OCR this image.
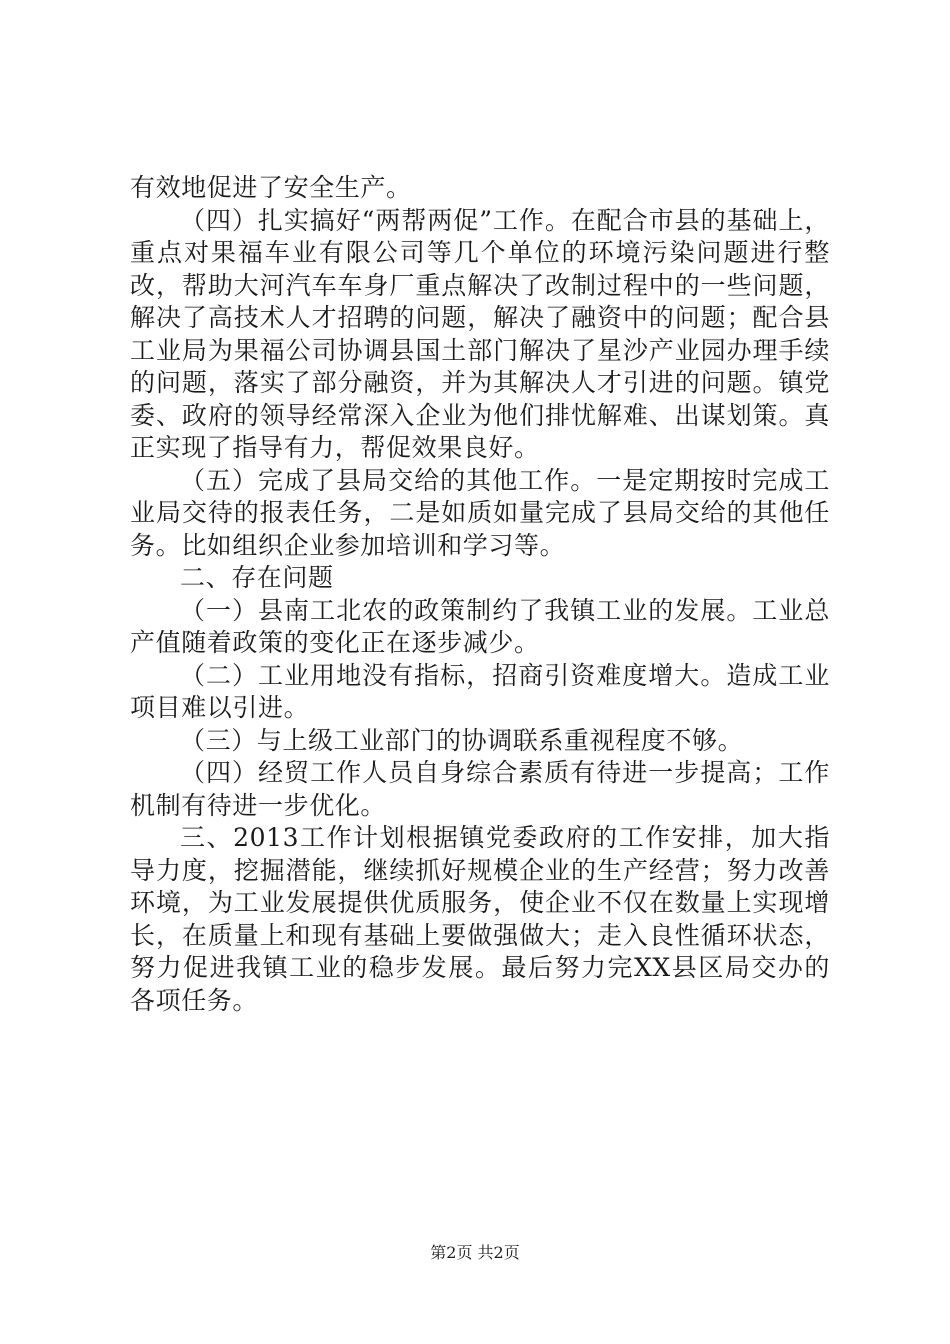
有效地促进了安全生产。

（四）扎实搞好“两帮两促”工作。在配合市县的基础上，重点对果福车业有限公司等几个单位的环境污染问题进行整改，帮助大河汽车车身厂重点解决了改制过程中的一些问题，解决了高技术人才招聘的问题，解决了融资中的问题；配合县工业局为果福公司协调县国土部门解决了星沙产业园办理手续的问题，落实了部分融资，并为其解决人才引进的问题。镇党委、政府的领导经常深入企业为他们排忧解难、出谋划策。真正实现了指导有力，帮促效果良好。

（五）完成了县局交给的其他工作。一是定期按时完成工业局交待的报表任务，二是如质如量完成了县局交给的其他任务。比如组织企业参加培训和学习等。

二、存在问题

（一）县南工北农的政策制约了我镇工业的发展。工业总产值随着政策的变化正在逐步减少。

（二）工业用地没有指标，招商引资难度增大。造成工业项目难以引进。

（三）与上级工业部门的协调联系重视程度不够。

（四）经贸工作人员自身综合素质有待进一步提高；工作机制有待进一步优化。

三、2013工作计划根据镇党委政府的工作安排，加大指导力度，挖掘潜能，继续抓好规模企业的生产经营；努力改善环境，为工业发展提供优质服务，使企业不仅在数量上实现增长，在质量上和现有基础上要做强做大；走入良性循环状态，努力促进我镇工业的稳步发展。最后努力完XX县区局交办的各项任务。

第2页 共2页
